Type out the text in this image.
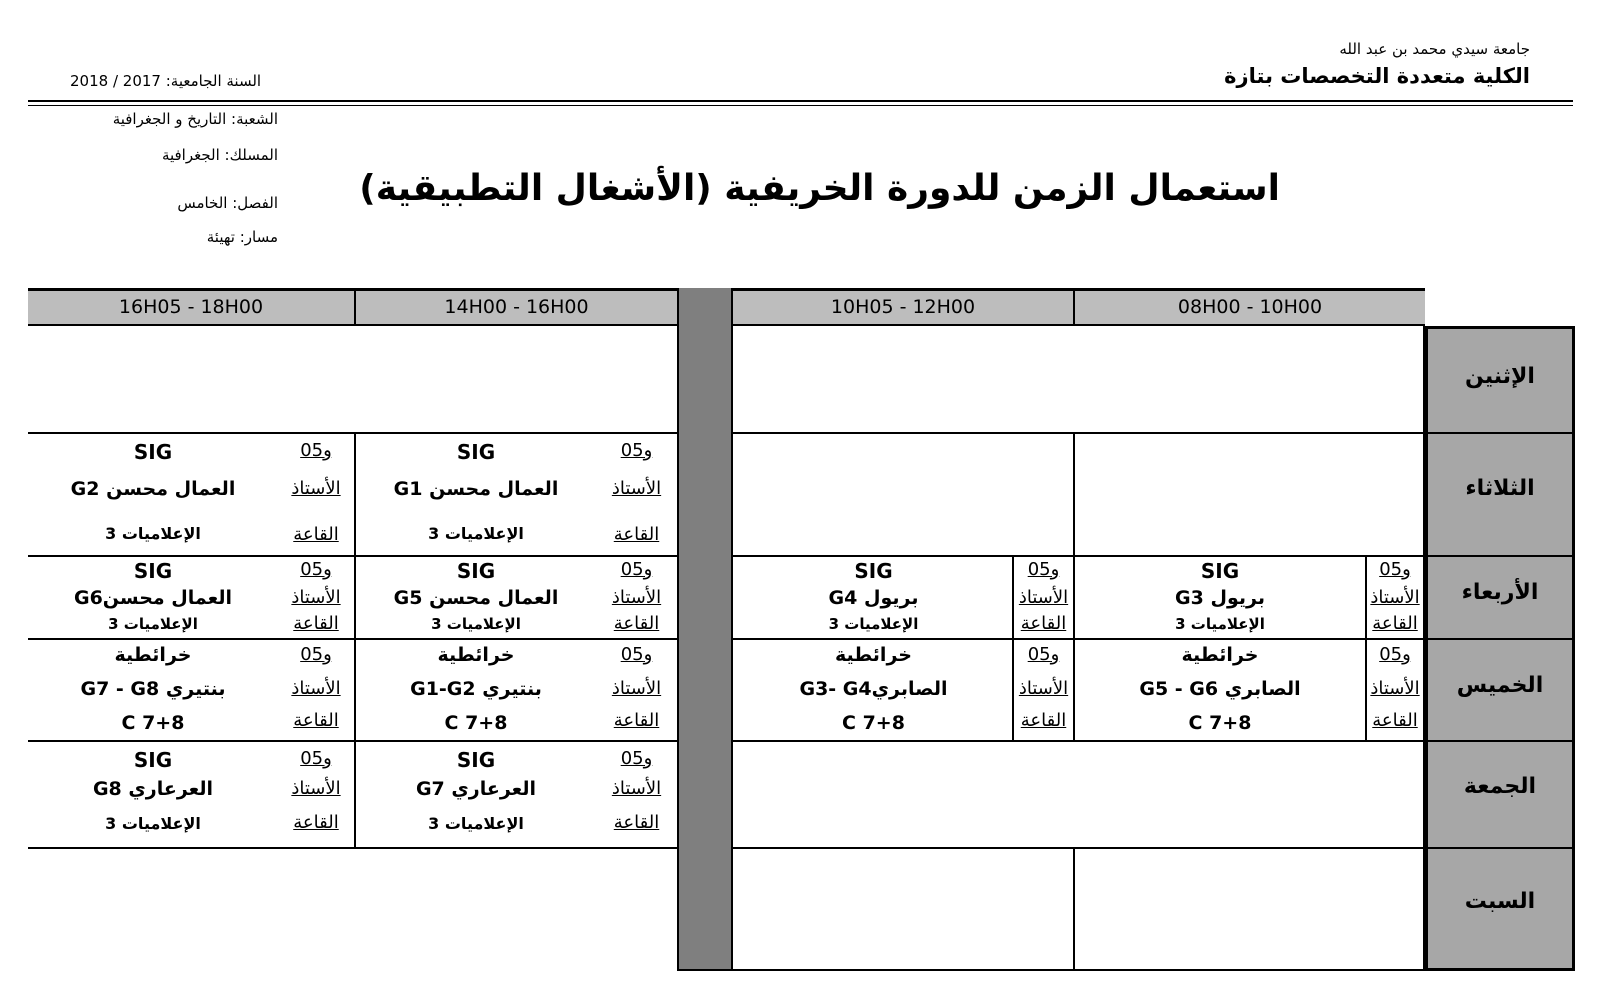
جامعة سيدي محمد بن عبد الله
الكلية متعددة التخصصات بتازة
السنة الجامعية: 2017 / 2018
الشعبة: التاريخ و الجغرافية
المسلك: الجغرافية
الفصل: الخامس
مسار: تهيئة
استعمال الزمن للدورة الخريفية (الأشغال التطبيقية)
08H00 - 10H00
10H05 - 12H00
14H00 - 16H00
16H05 - 18H00
الإثنين
الثلاثاء
الأربعاء
الخميس
الجمعة
السبت
SIG
العمال محسن G1
الإعلاميات 3
و05
الأستاذ
القاعة
SIG
العمال محسن G2
الإعلاميات 3
و05
الأستاذ
القاعة
SIG
بريول G3
الإعلاميات 3
و05
الأستاذ
القاعة
SIG
بريول G4
الإعلاميات 3
و05
الأستاذ
القاعة
SIG
العمال محسن G5
الإعلاميات 3
و05
الأستاذ
القاعة
SIG
العمال محسنG6
الإعلاميات 3
و05
الأستاذ
القاعة
خرائطية
الصابري G5 - G6
C 7+8
و05
الأستاذ
القاعة
خرائطية
الصابريG3- G4
C 7+8
و05
الأستاذ
القاعة
خرائطية
بنتيري G1-G2
C 7+8
و05
الأستاذ
القاعة
خرائطية
بنتيري G7 - G8
C 7+8
و05
الأستاذ
القاعة
SIG
العرعاري G7
الإعلاميات 3
و05
الأستاذ
القاعة
SIG
العرعاري G8
الإعلاميات 3
و05
الأستاذ
القاعة
